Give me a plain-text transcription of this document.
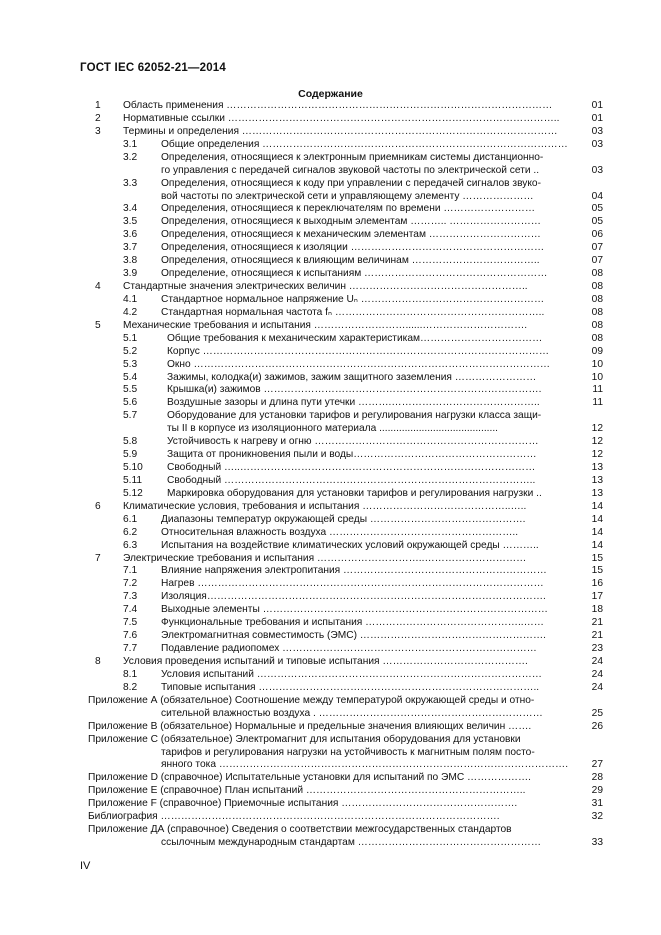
ГОСТ IEC 62052-21—2014
Содержание
1 Область применения ……………………………………………………………………………………	01
2 Нормативные ссылки ……………………………………………………………………………………..	01
3 Термины и определения …………………………………………………………………………………	03
3.1 Общие определения ………………………………………………………………………………	03
3.2 Определения, относящиеся к электронным приемникам системы дистанционно-
го управления с передачей сигналов звуковой частоты по электрической сети ..	03
3.3 Определения, относящиеся к коду при управлении с передачей сигналов звуко-
вой частоты по электрической сети и управляющему элементу …………………	04
3.4 Определения, относящиеся к переключателям по времени ………………………	05
3.5 Определения, относящиеся к выходным элементам ……….. ………………………	05
3.6 Определения, относящиеся к механическим элементам ……………………………	06
3.7 Определения, относящиеся к изоляции …………………………………………………	07
3.8 Определения, относящиеся к влияющим величинам ………………………………..	07
3.9 Определение, относящиеся к испытаниям ………………………………………………	08
4 Стандартные значения электрических величин ……………………………………………..	08
4.1 Стандартное нормальное напряжение Uₙ ………………………………………………	08
4.2 Стандартная нормальная частота fₙ ……………………………………………………..	08
5 Механические требования и испытания ………………………......………………………….	08
5.1	Общие требования к механическим характеристикам………………………………	08
5.2	Корпус …………………………………………………………………………………………	09
5.3	Окно ……………………………………………………………………………………………	10
5.4	Зажимы, колодка(и) зажимов, зажим защитного заземления ……………………	10
5.5	Крышка(и) зажимов ……………………………………………………………………….	11
5.6	Воздушные зазоры и длина пути утечки ……….……………………………………..	11
5.7	Оборудование для установки тарифов и регулирования нагрузки класса защи-
ты II в корпусе из изоляционного материала ..........................................	12
5.8	Устойчивость к нагреву и огню …………………………………………………………	12
5.9	Защита от проникновения пыли и воды………………………………………………	12
5.10 Свободный …..……………………………………………………………………………	13
5.11 Свободный ………………………………………………………………………………..	13
5.12 Маркировка оборудования для установки тарифов и регулирования нагрузки ..	13
6 Климатические условия, требования и испытания ……………………………………..…..	14
6.1 Диапазоны температур окружающей среды ……………………………………….	14
6.2 Относительная влажность воздуха ………………………………………………..	14
6.3 Испытания на воздействие климатических условий окружающей среды ………..	14
7 Электрические требования и испытания …………………………..…………………………	15
7.1 Влияние напряжения электропитания ……………………………………………………	15
7.2 Нагрев …………………………………………………………………………………………	16
7.3 Изоляция……………………………………………………………………………………….	17
7.4 Выходные элементы …………………………………………………………………………	18
7.5 Функциональные требования и испытания ………………………………………..……	21
7.6 Электромагнитная совместимость (ЭМС) ……………………………………………….	21
7.7 Подавление радиопомех …………………………………………………………………	23
8 Условия проведения испытаний и типовые испытания …………………………………….	24
8.1 Условия испытаний …………………………………………………………………………	24
8.2 Типовые испытания ………………………………………………………………………..	24
Приложение А (обязательное) Соотношение между температурой окружающей среды и отно-
сительной влажностью воздуха . …………………………………………………………	25
Приложение В (обязательное) Нормальные и предельные значения влияющих величин …….	26
Приложение С (обязательное) Электромагнит для испытания оборудования для установки
тарифов и регулирования нагрузки на устойчивость к магнитным полям посто-
янного тока ………………………………………………………………………………………….	27
Приложение D (справочное) Испытательные установки для испытаний по ЭМС ……………….	28
Приложение Е (справочное) План испытаний ………………………………………………………..	29
Приложение F (справочное) Приемочные испытания …………………………………………….	31
Библиография ……………………………………………………………………………………….	32
Приложение ДА (справочное) Сведения о соответствии межгосударственных стандартов
ссылочным международным стандартам ………………………………………………	33
IV
